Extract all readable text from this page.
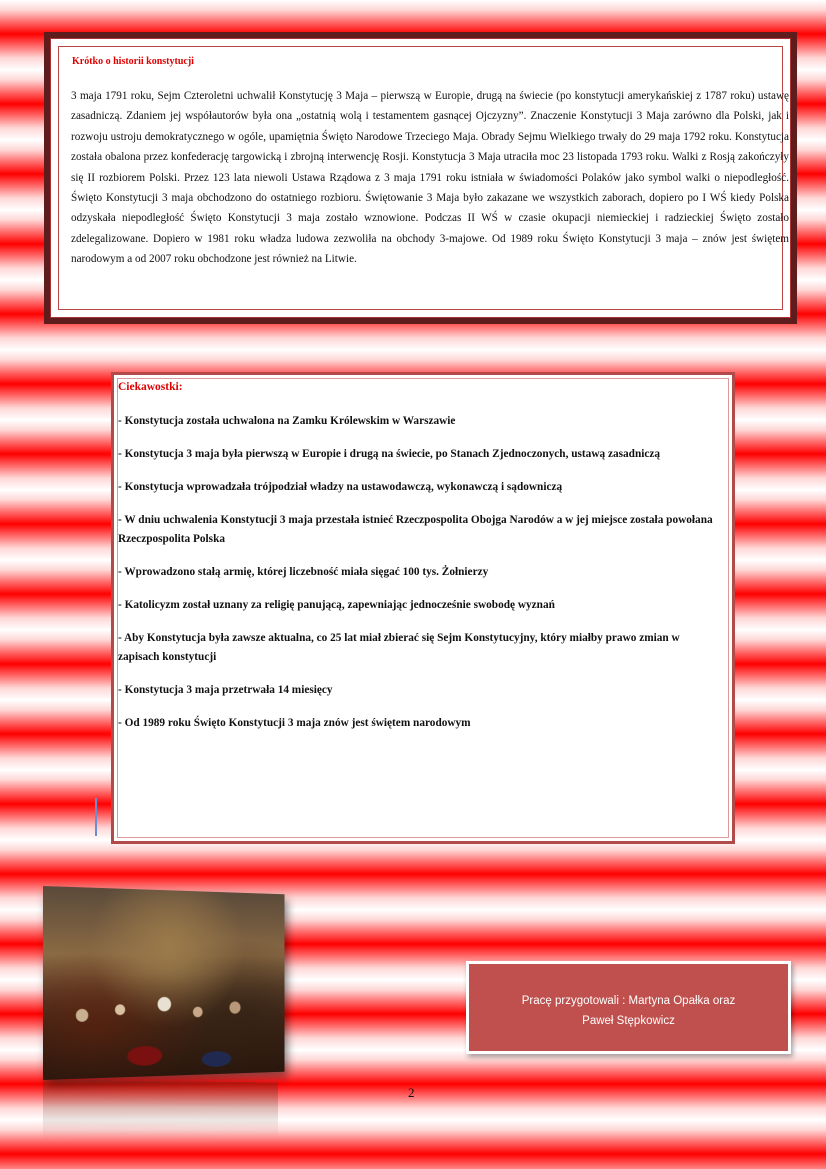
Krótko o historii konstytucji
3 maja 1791 roku, Sejm Czteroletni uchwalił Konstytucję 3 Maja – pierwszą w Europie, drugą na świecie (po konstytucji amerykańskiej z 1787 roku) ustawę zasadniczą. Zdaniem jej współautorów była ona „ostatnią wolą i testamentem gasnącej Ojczyzny”. Znaczenie Konstytucji 3 Maja zarówno dla Polski, jak i rozwoju ustroju demokratycznego w ogóle, upamiętnia Święto Narodowe Trzeciego Maja. Obrady Sejmu Wielkiego trwały do 29 maja 1792 roku. Konstytucja została obalona przez konfederację targowicką i zbrojną interwencję Rosji. Konstytucja 3 Maja utraciła moc 23 listopada 1793 roku. Walki z Rosją zakończyły się II rozbiorem Polski. Przez 123 lata niewoli Ustawa Rządowa z 3 maja 1791 roku istniała w świadomości Polaków jako symbol walki o niepodległość. Święto Konstytucji 3 maja obchodzono do ostatniego rozbioru. Świętowanie 3 Maja było zakazane we wszystkich zaborach, dopiero po I WŚ kiedy Polska odzyskała niepodległość Święto Konstytucji 3 maja zostało wznowione. Podczas II WŚ w czasie okupacji niemieckiej i radzieckiej Święto zostało zdelegalizowane. Dopiero w 1981 roku władza ludowa zezwoliła na obchody 3-majowe. Od 1989 roku Święto Konstytucji 3 maja – znów jest świętem narodowym a od 2007 roku obchodzone jest również na Litwie.
Ciekawostki:
- Konstytucja została uchwalona na Zamku Królewskim w Warszawie
- Konstytucja 3 maja była pierwszą w Europie i drugą na świecie, po Stanach Zjednoczonych, ustawą zasadniczą
- Konstytucja wprowadzała trójpodział władzy na ustawodawczą, wykonawczą i sądowniczą
- W dniu uchwalenia Konstytucji 3 maja przestała istnieć Rzeczpospolita Obojga Narodów a w jej miejsce została powołana Rzeczpospolita Polska
- Wprowadzono stałą armię, której liczebność miała sięgać 100 tys. Żołnierzy
- Katolicyzm został uznany za religię panującą, zapewniając jednocześnie swobodę wyznań
- Aby Konstytucja była zawsze aktualna, co 25 lat miał zbierać się Sejm Konstytucyjny, który miałby prawo zmian w zapisach konstytucji
- Konstytucja 3 maja przetrwała 14 miesięcy
- Od 1989 roku Święto Konstytucji 3 maja znów jest świętem narodowym
Pracę przygotowali : Martyna Opałka oraz
Paweł Stępkowicz
2
